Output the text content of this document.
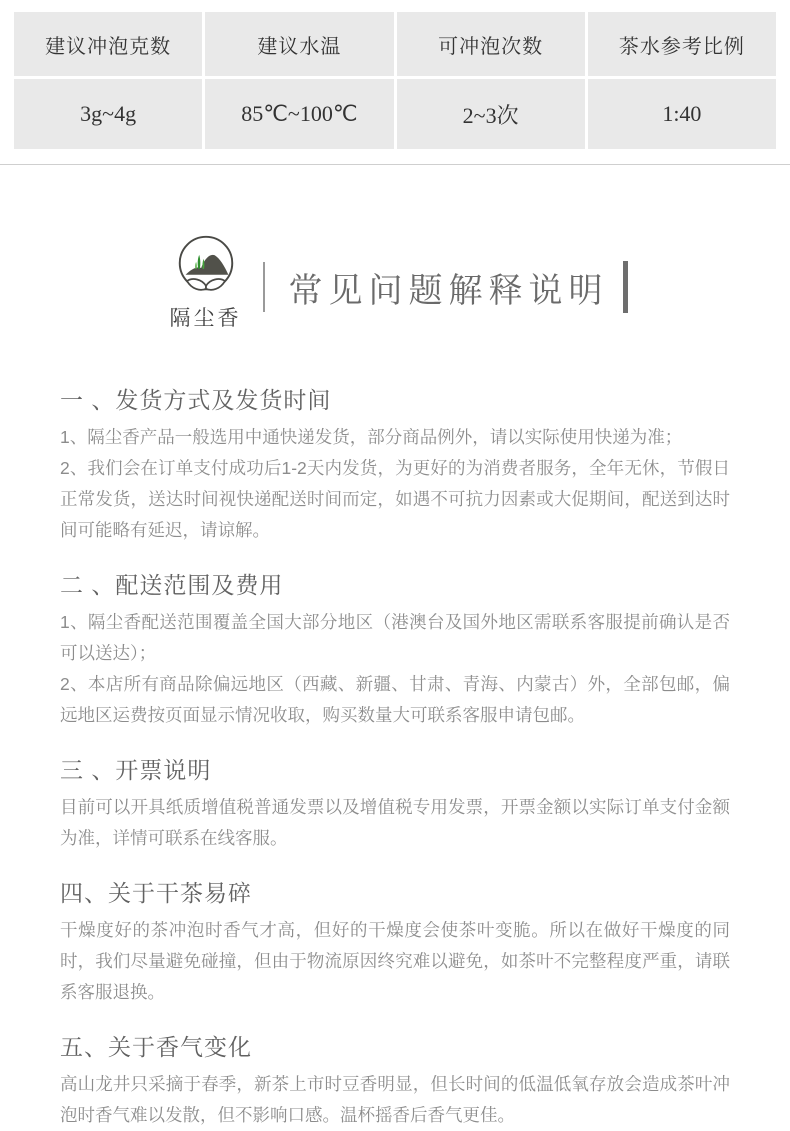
建议冲泡克数	建议水温	可冲泡次数	茶水参考比例
3g~4g	85℃~100℃	2~3次	1:40
隔尘香
常见问题解释说明
一 、发货方式及发货时间

1、隔尘香产品一般选用中通快递发货，部分商品例外，请以实际使用快递为准；

2、我们会在订单支付成功后1-2天内发货，为更好的为消费者服务，全年无休，节假日正常发货，送达时间视快递配送时间而定，如遇不可抗力因素或大促期间，配送到达时间可能略有延迟，请谅解。

二 、配送范围及费用

1、隔尘香配送范围覆盖全国大部分地区（港澳台及国外地区需联系客服提前确认是否可以送达）；

2、本店所有商品除偏远地区（西藏、新疆、甘肃、青海、内蒙古）外，全部包邮，偏远地区运费按页面显示情况收取，购买数量大可联系客服申请包邮。

三 、开票说明

目前可以开具纸质增值税普通发票以及增值税专用发票，开票金额以实际订单支付金额为准，详情可联系在线客服。

四、关于干茶易碎

干燥度好的茶冲泡时香气才高，但好的干燥度会使茶叶变脆。所以在做好干燥度的同时，我们尽量避免碰撞，但由于物流原因终究难以避免，如茶叶不完整程度严重，请联系客服退换。

五、关于香气变化

高山龙井只采摘于春季，新茶上市时豆香明显，但长时间的低温低氧存放会造成茶叶冲泡时香气难以发散，但不影响口感。温杯摇香后香气更佳。
